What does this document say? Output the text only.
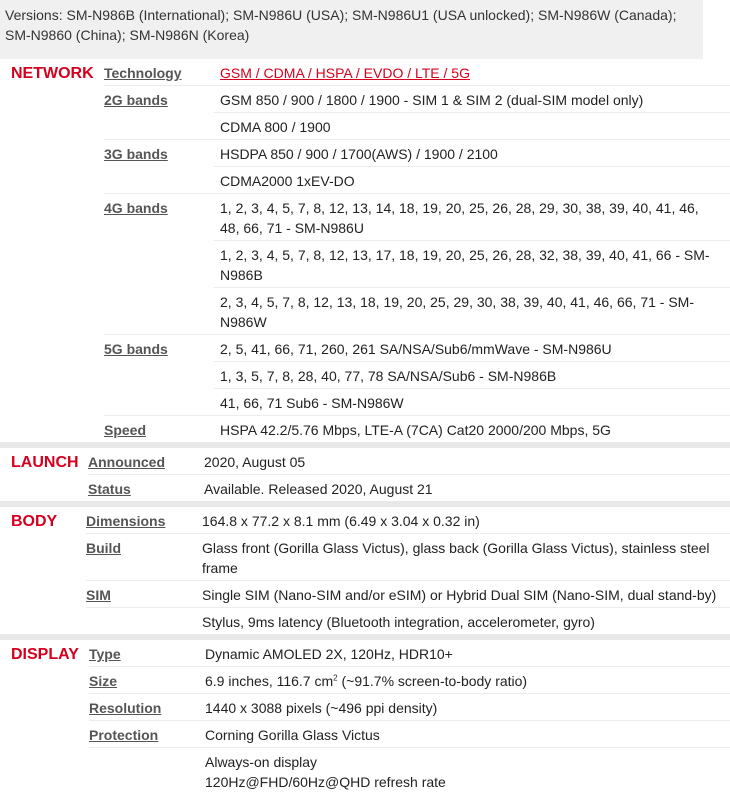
Versions: SM-N986B (International); SM-N986U (USA); SM-N986U1 (USA unlocked); SM-N986W (Canada); SM-N9860 (China); SM-N986N (Korea)
NETWORK	Technology	GSM / CDMA / HSPA / EVDO / LTE / 5G
	2G bands	GSM 850 / 900 / 1800 / 1900 - SIM 1 & SIM 2 (dual-SIM model only)
		CDMA 800 / 1900
	3G bands	HSDPA 850 / 900 / 1700(AWS) / 1900 / 2100
		CDMA2000 1xEV-DO
	4G bands	1, 2, 3, 4, 5, 7, 8, 12, 13, 14, 18, 19, 20, 25, 26, 28, 29, 30, 38, 39, 40, 41, 46, 48, 66, 71 - SM-N986U
		1, 2, 3, 4, 5, 7, 8, 12, 13, 17, 18, 19, 20, 25, 26, 28, 32, 38, 39, 40, 41, 66 - SM-N986B
		2, 3, 4, 5, 7, 8, 12, 13, 18, 19, 20, 25, 29, 30, 38, 39, 40, 41, 46, 66, 71 - SM-N986W
	5G bands	2, 5, 41, 66, 71, 260, 261 SA/NSA/Sub6/mmWave - SM-N986U
		1, 3, 5, 7, 8, 28, 40, 77, 78 SA/NSA/Sub6 - SM-N986B
		41, 66, 71 Sub6 - SM-N986W
	Speed	HSPA 42.2/5.76 Mbps, LTE-A (7CA) Cat20 2000/200 Mbps, 5G
LAUNCH	Announced	2020, August 05
	Status	Available. Released 2020, August 21
BODY	Dimensions	164.8 x 77.2 x 8.1 mm (6.49 x 3.04 x 0.32 in)
	Build	Glass front (Gorilla Glass Victus), glass back (Gorilla Glass Victus), stainless steel frame
	SIM	Single SIM (Nano-SIM and/or eSIM) or Hybrid Dual SIM (Nano-SIM, dual stand-by)
		Stylus, 9ms latency (Bluetooth integration, accelerometer, gyro)
DISPLAY	Type	Dynamic AMOLED 2X, 120Hz, HDR10+
	Size	6.9 inches, 116.7 $cm^2$ (~91.7% screen-to-body ratio)
	Resolution	1440 x 3088 pixels (~496 ppi density)
	Protection	Corning Gorilla Glass Victus
		Always-on display
120Hz@FHD/60Hz@QHD refresh rate
